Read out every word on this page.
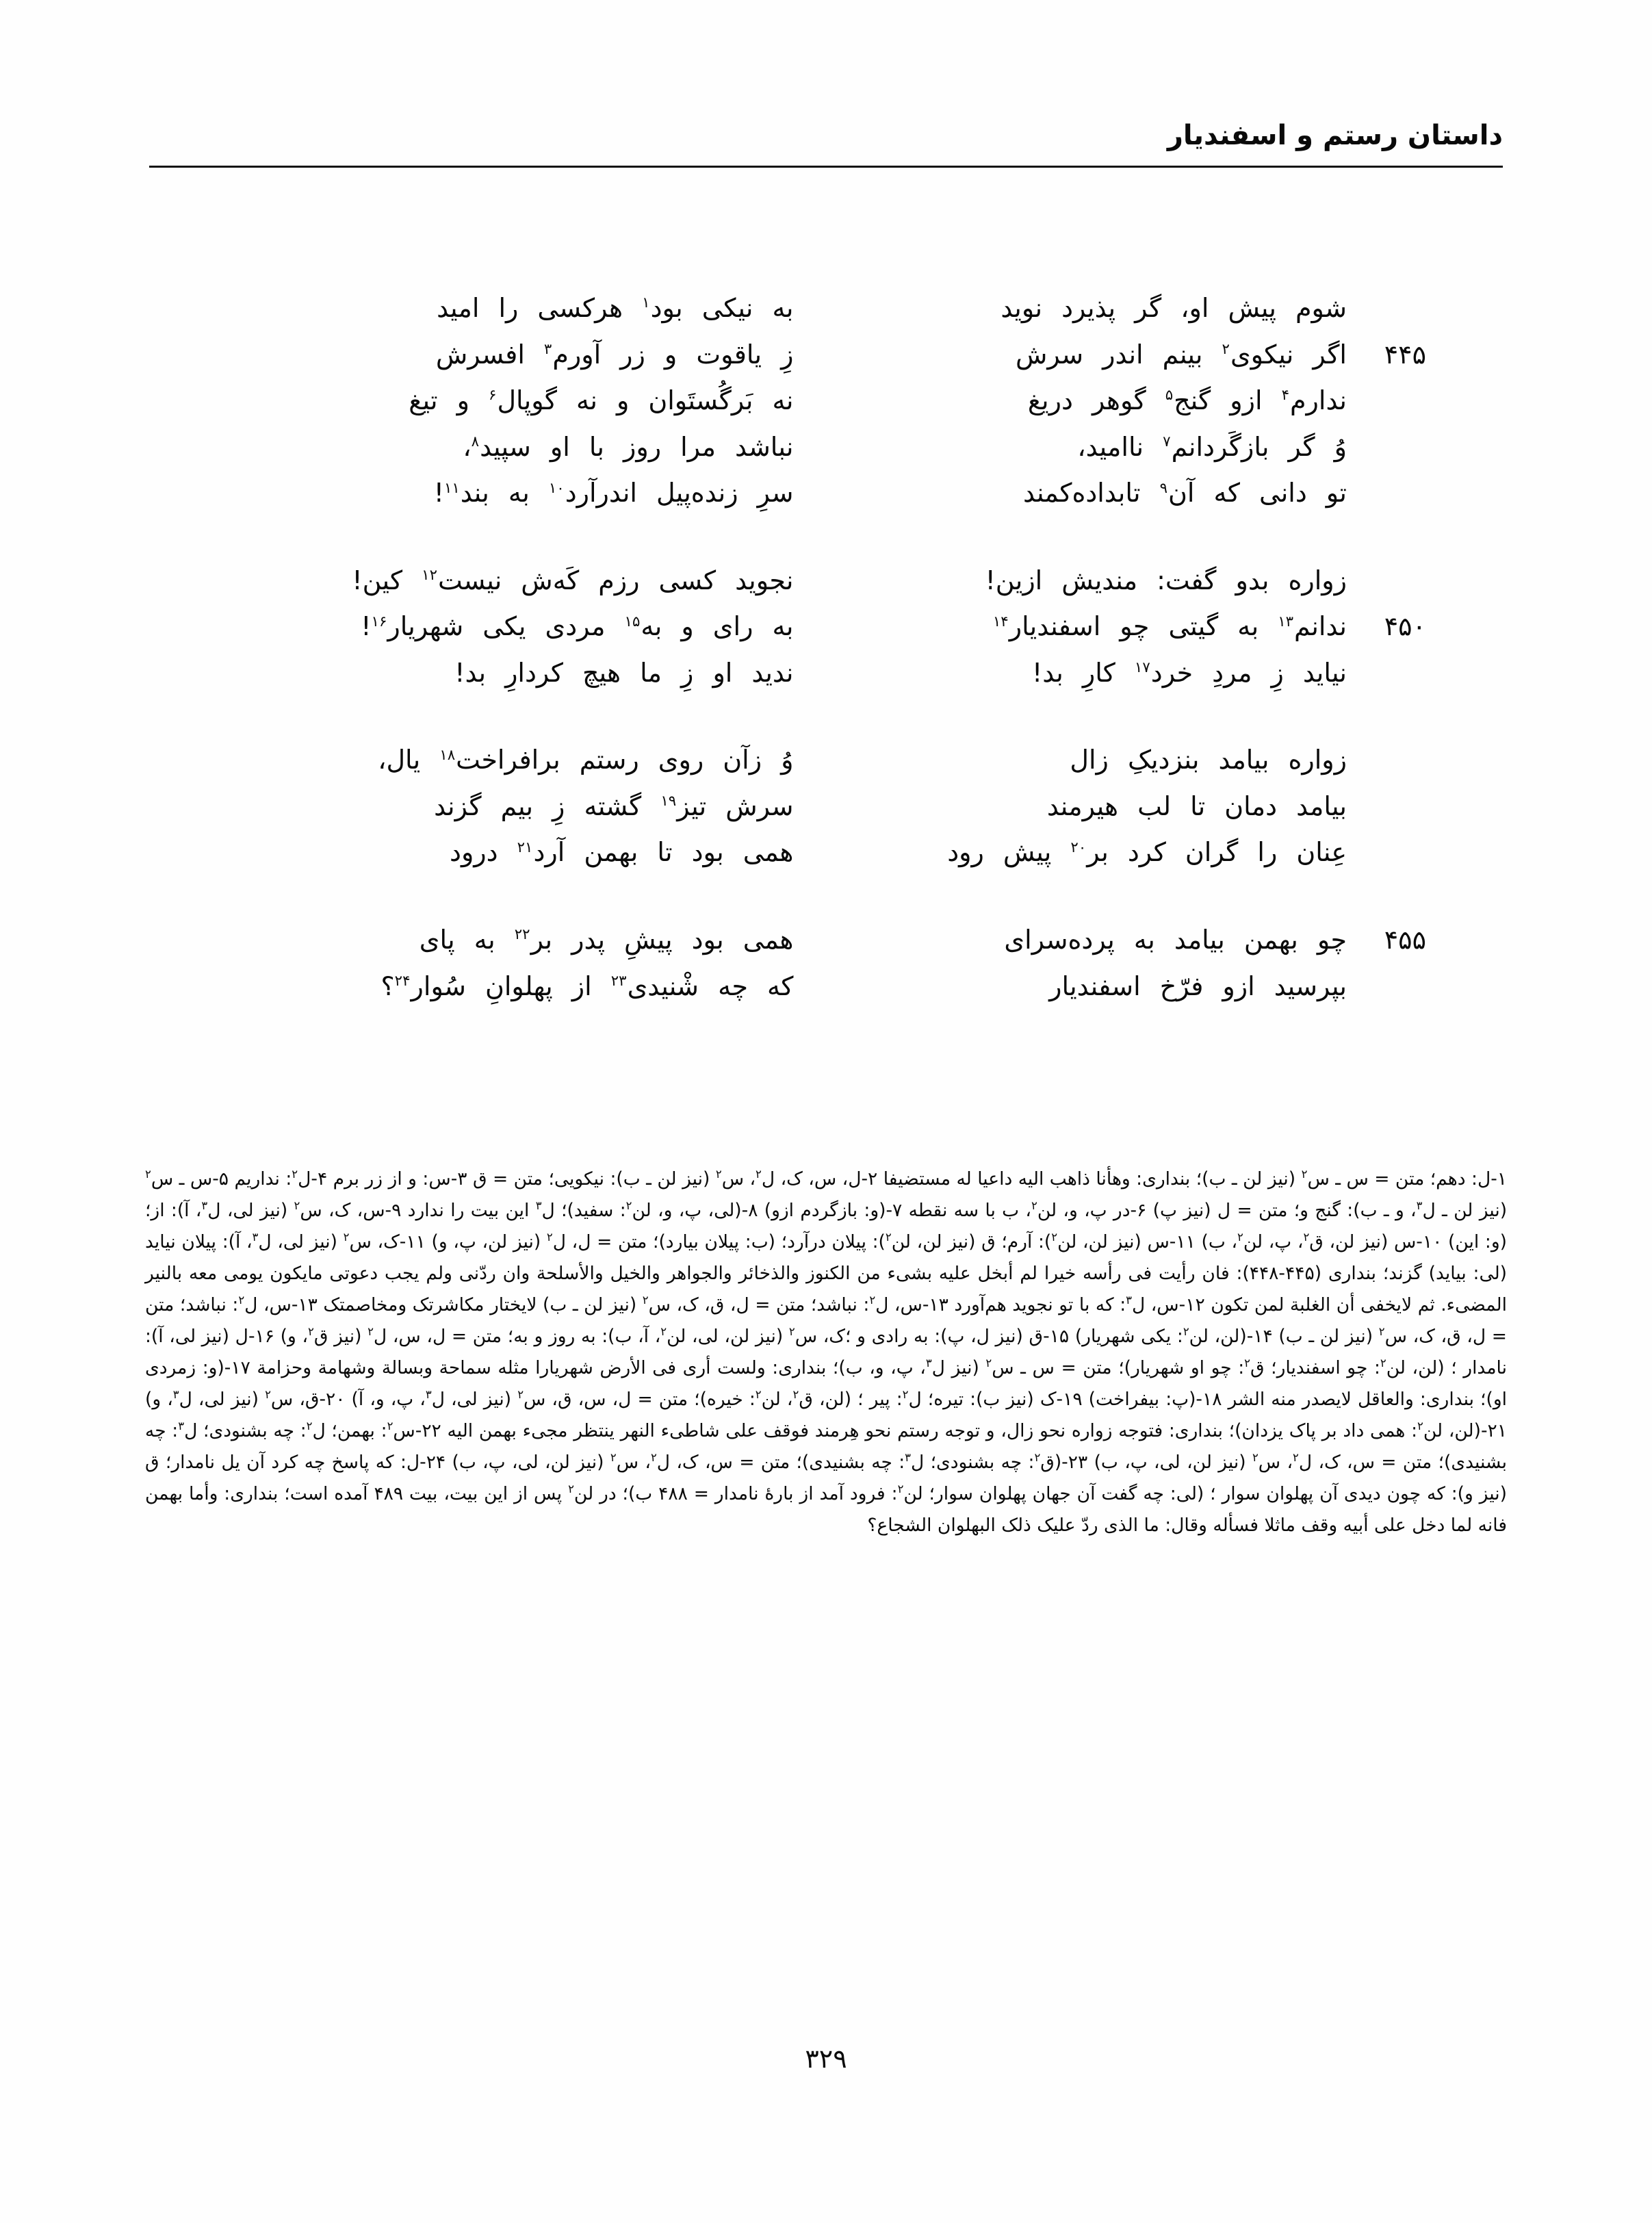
داستان رستم و اسفندیار
شوم پیش او، گر پذیرد نوید
به نیکی بود$^۱$ هرکسی را امید
۴۴۵
اگر نیکوی$^۲$ بینم اندر سرش
زِ یاقوت و زر آورم$^۳$ افسرش
ندارم$^۴$ ازو گنج$^۵$ گوهر دریغ
نه بَرگُستَوان و نه گوپال$^۶$ و تیغ
وُ گر بازگَردانم$^۷$ ناامید،
نباشد مرا روز با او سپید$^۸$،
تو دانی که آن$^۹$ تابداده‌کمند
سرِ زنده‌پیل اندرآرد$^{۱۰}$ به بند$^{۱۱}$!
زواره بدو گفت: مندیش ازین!
نجوید کسی رزم کَه‌ش نیست$^{۱۲}$ کین!
۴۵۰
ندانم$^{۱۳}$ به گیتی چو اسفندیار$^{۱۴}$
به رای و به$^{۱۵}$ مردی یکی شهریار$^{۱۶}$!
نیاید زِ مردِ خرد$^{۱۷}$ کارِ بد!
ندید او زِ ما هیچ کردارِ بد!
زواره بیامد بنزدیکِ زال
وُ زآن روی رستم برافراخت$^{۱۸}$ یال،
بیامد دمان تا لب هیرمند
سرش تیز$^{۱۹}$ گشته زِ بیم گزند
عِنان را گران کرد بر$^{۲۰}$ پیش رود
همی بود تا بهمن آرد$^{۲۱}$ درود
۴۵۵
چو بهمن بیامد به پرده‌سرای
همی بود پیشِ پدر بر$^{۲۲}$ به پای
بپرسید ازو فرّخ اسفندیار
که چه شْنیدی$^{۲۳}$ از پهلوانِ سُوار$^{۲۴}$؟

۱-ل: دهم؛ متن = س ـ س$^۲$ (نیز لن ـ ب)؛ بنداری: وهأنا ذاهب الیه داعیا له مستضیفا ۲-ل، س، ک، ل$^۲$، س$^۲$ (نیز لن ـ ب): نیکویی؛ متن = ق ۳-س: و از زر برم ۴-ل$^۲$: نداریم ۵-س ـ س$^۲$ (نیز لن ـ ل$^۳$، و ـ ب): گنج و؛ متن = ل (نیز پ) ۶-در پ، و، لن$^۲$، ب با سه نقطه ۷-(و: بازگردم ازو) ۸-(لی، پ، و، لن$^۲$: سفید)؛ ل$^۳$ این بیت را ندارد ۹-س، ک، س$^۲$ (نیز لی، ل$^۳$، آ): از؛ (و: این) ۱۰-س (نیز لن، ق$^۲$، پ، لن$^۲$، ب) ۱۱-س (نیز لن، لن$^۲$): آرم؛ ق (نیز لن، لن$^۲$): پیلان درآرد؛ (ب: پیلان بیارد)؛ متن = ل، ل$^۲$ (نیز لن، پ، و) ۱۱-ک، س$^۲$ (نیز لی، ل$^۳$، آ): پیلان نیاید (لی: بیاید) گزند؛ بنداری (۴۴۵-۴۴۸): فان رأیت فی رأسه خیرا لم أبخل علیه بشیء من الکنوز والذخائر والجواهر والخیل والأسلحة وان ردّنی ولم یجب دعوتی مایکون یومی معه بالنیر المضیء. ثم لایخفی أن الغلبة لمن تکون ۱۲-س، ل$^۳$: که با تو نجوید هم‌آورد ۱۳-س، ل$^۲$: نباشد؛ متن = ل، ق، ک، س$^۲$ (نیز لن ـ ب) لایختار مکاشرتک ومخاصمتک ۱۳-س، ل$^۲$: نباشد؛ متن = ل، ق، ک، س$^۲$ (نیز لن ـ ب) ۱۴-(لن، لن$^۲$: یکی شهریار) ۱۵-ق (نیز ل، پ): به رادی و ؛ک، س$^۲$ (نیز لن، لی، لن$^۲$، آ، ب): به روز و به؛ متن = ل، س، ل$^۲$ (نیز ق$^۲$، و) ۱۶-ل (نیز لی، آ): نامدار ؛ (لن، لن$^۲$: چو اسفندیار؛ ق$^۲$: چو او شهریار)؛ متن = س ـ س$^۲$ (نیز ل$^۳$، پ، و، ب)؛ بنداری: ولست أری فی الأرض شهریارا مثله سماحة وبسالة وشهامة وحزامة ۱۷-(و: زمردی او)؛ بنداری: والعاقل لایصدر منه الشر ۱۸-(پ: بیفراخت) ۱۹-ک (نیز ب): تیره؛ ل$^۲$: پیر ؛ (لن، ق$^۲$، لن$^۲$: خیره)؛ متن = ل، س، ق، س$^۲$ (نیز لی، ل$^۳$، پ، و، آ) ۲۰-ق، س$^۲$ (نیز لی، ل$^۳$، و) ۲۱-(لن، لن$^۲$: همی داد بر پاک یزدان)؛ بنداری: فتوجه زواره نحو زال، و توجه رستم نحو هِرمند فوقف علی شاطیء النهر ینتظر مجیء بهمن الیه ۲۲-س$^۲$: بهمن؛ ل$^۲$: چه بشنودی؛ ل$^۳$: چه بشنیدی)؛ متن = س، ک، ل$^۲$، س$^۲$ (نیز لن، لی، پ، ب) ۲۳-(ق$^۲$: چه بشنودی؛ ل$^۳$: چه بشنیدی)؛ متن = س، ک، ل$^۲$، س$^۲$ (نیز لن، لی، پ، ب) ۲۴-ل: که پاسخ چه کرد آن یل نامدار؛ ق (نیز و): که چون دیدی آن پهلوان سوار ؛ (لی: چه گفت آن جهان پهلوان سوار؛ لن$^۲$: فرود آمد از بارهٔ نامدار = ۴۸۸ ب)؛ در لن$^۲$ پس از این بیت، بیت ۴۸۹ آمده است؛ بنداری: وأما بهمن فانه لما دخل علی أبیه وقف ماثلا فسأله وقال: ما الذی ردّ علیک ذلک البهلوان الشجاع؟

۳۲۹
